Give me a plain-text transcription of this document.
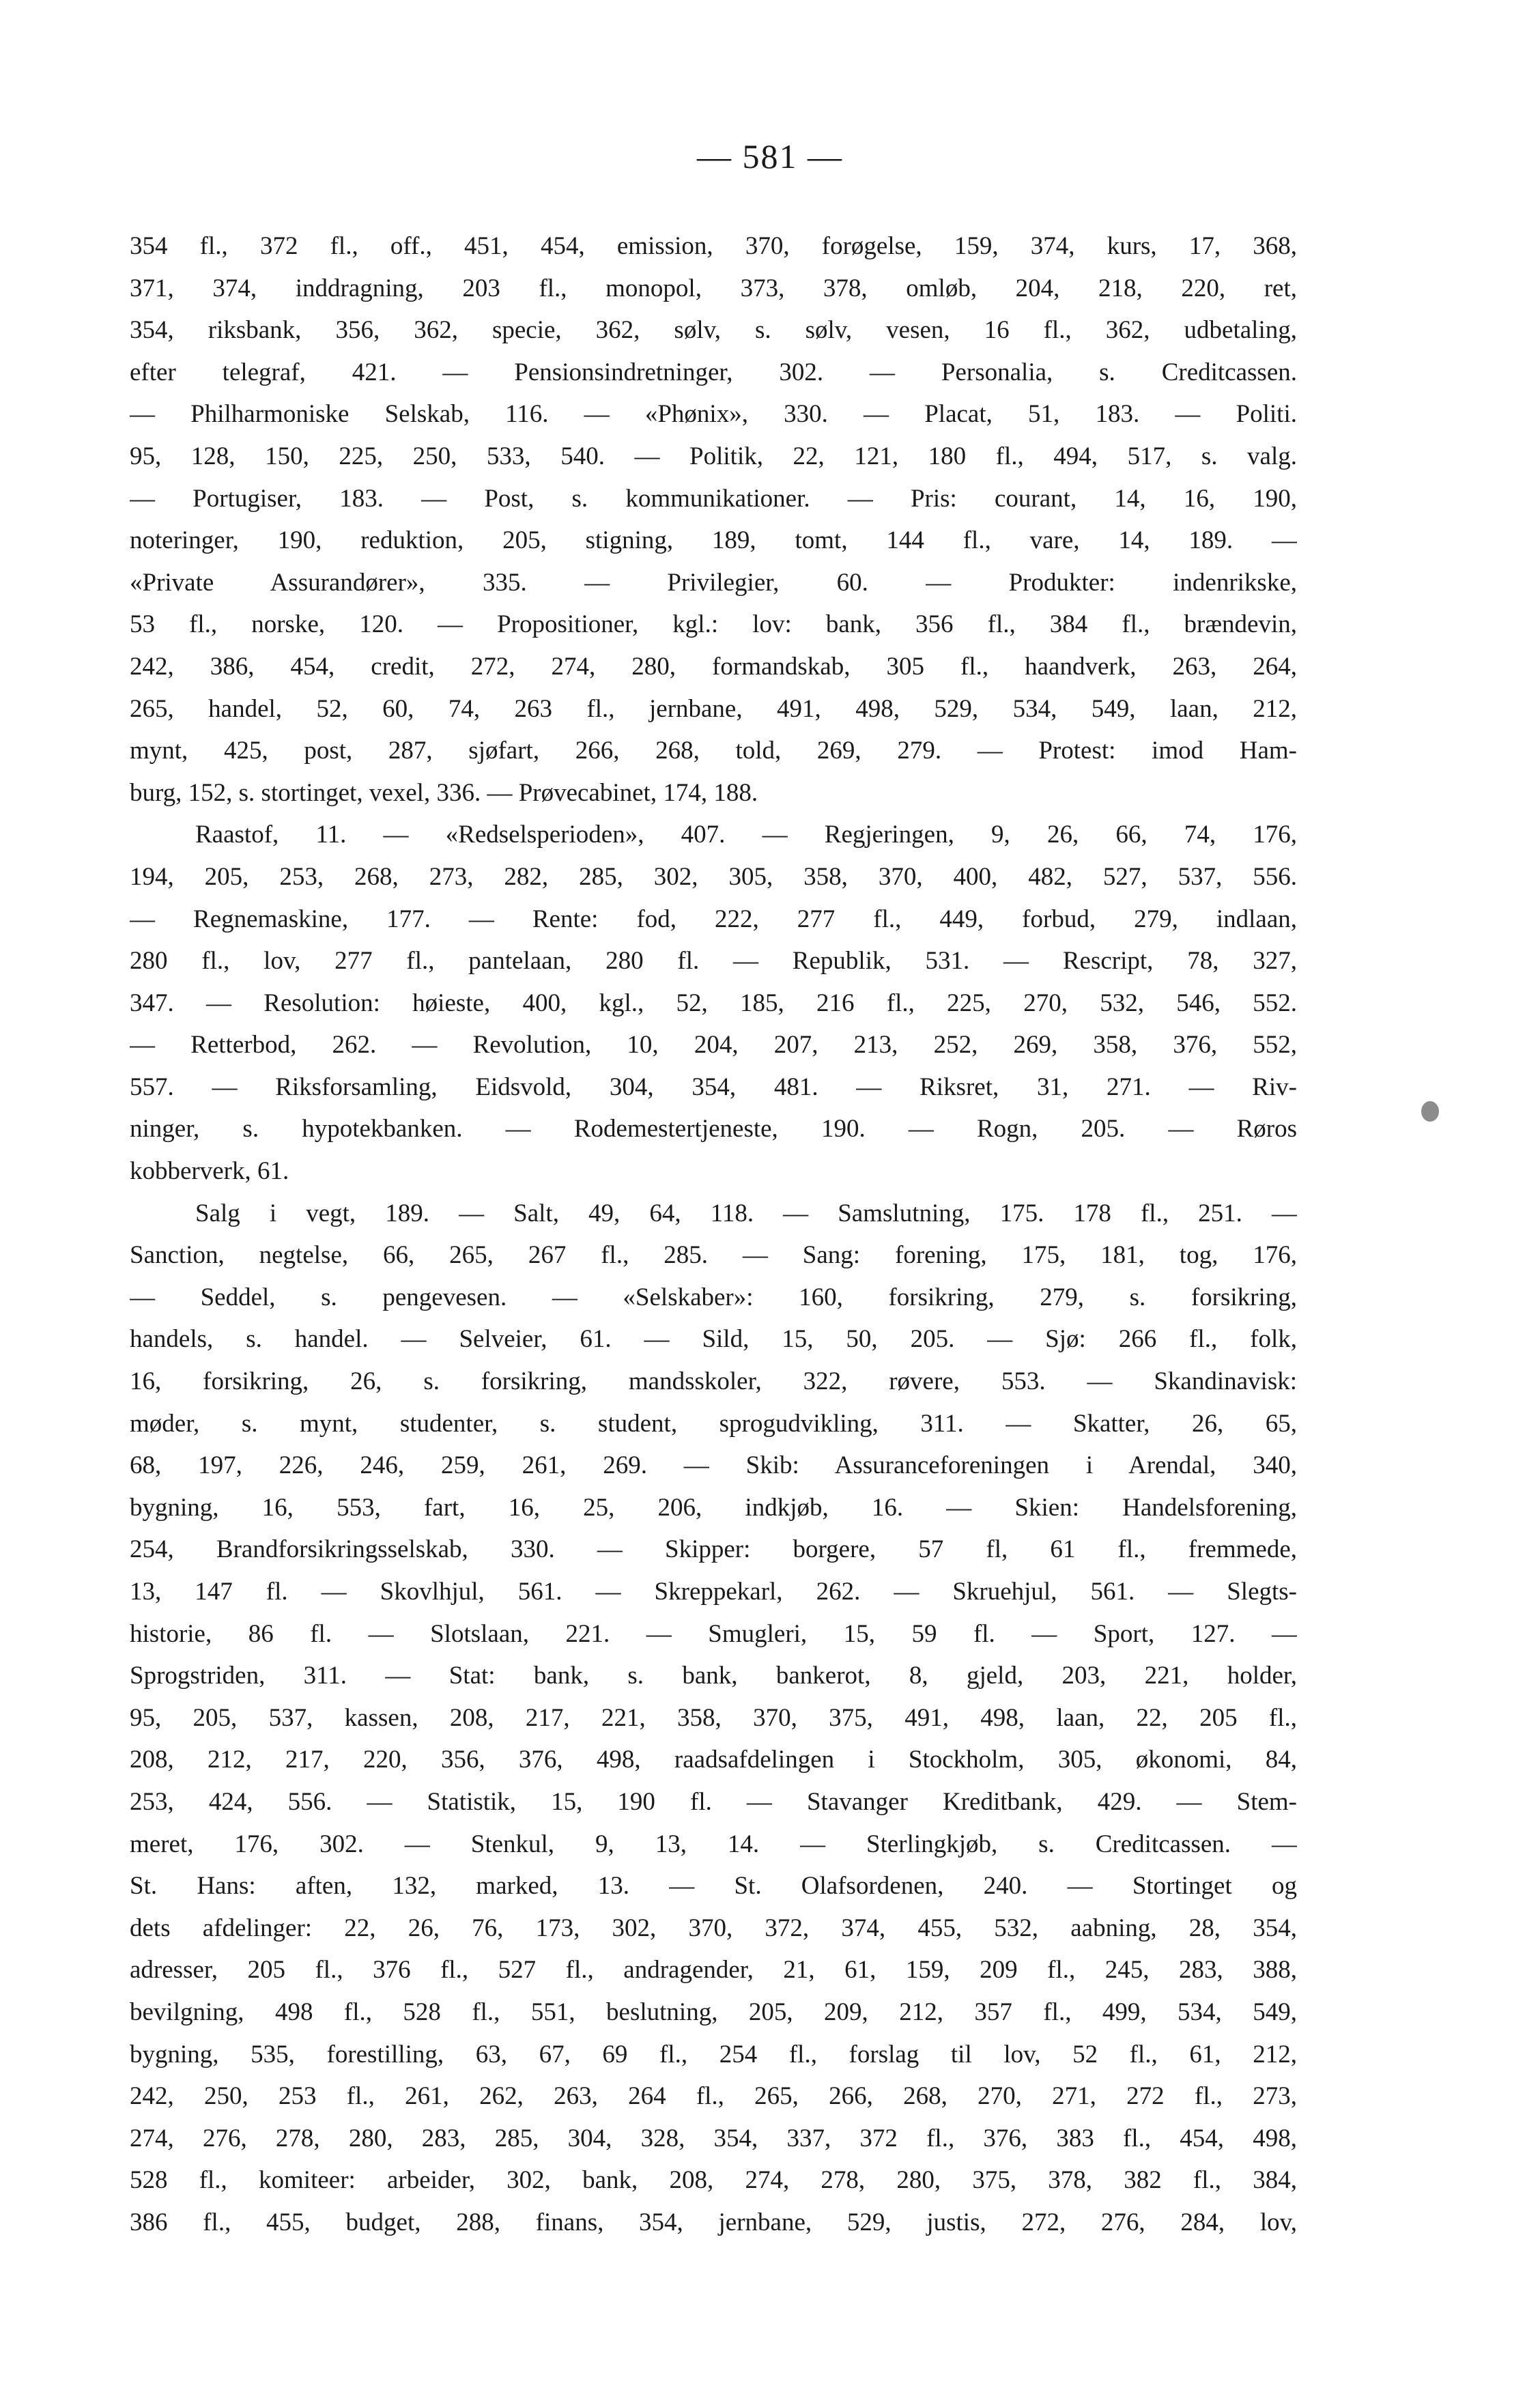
— 581 —
354 fl., 372 fl., off., 451, 454, emission, 370, forøgelse, 159, 374, kurs, 17, 368,
371, 374, inddragning, 203 fl., monopol, 373, 378, omløb, 204, 218, 220, ret,
354, riksbank, 356, 362, specie, 362, sølv, s. sølv, vesen, 16 fl., 362, udbetaling,
efter telegraf, 421. — Pensionsindretninger, 302. — Personalia, s. Creditcassen.
— Philharmoniske Selskab, 116. — «Phønix», 330. — Placat, 51, 183. — Politi.
95, 128, 150, 225, 250, 533, 540. — Politik, 22, 121, 180 fl., 494, 517, s. valg.
— Portugiser, 183. — Post, s. kommunikationer. — Pris: courant, 14, 16, 190,
noteringer, 190, reduktion, 205, stigning, 189, tomt, 144 fl., vare, 14, 189. —
«Private Assurandører», 335. — Privilegier, 60. — Produkter: indenrikske,
53 fl., norske, 120. — Propositioner, kgl.: lov: bank, 356 fl., 384 fl., brændevin,
242, 386, 454, credit, 272, 274, 280, formandskab, 305 fl., haandverk, 263, 264,
265, handel, 52, 60, 74, 263 fl., jernbane, 491, 498, 529, 534, 549, laan, 212,
mynt, 425, post, 287, sjøfart, 266, 268, told, 269, 279. — Protest: imod Ham-
burg, 152, s. stortinget, vexel, 336. — Prøvecabinet, 174, 188.
Raastof, 11. — «Redselsperioden», 407. — Regjeringen, 9, 26, 66, 74, 176,
194, 205, 253, 268, 273, 282, 285, 302, 305, 358, 370, 400, 482, 527, 537, 556.
— Regnemaskine, 177. — Rente: fod, 222, 277 fl., 449, forbud, 279, indlaan,
280 fl., lov, 277 fl., pantelaan, 280 fl. — Republik, 531. — Rescript, 78, 327,
347. — Resolution: høieste, 400, kgl., 52, 185, 216 fl., 225, 270, 532, 546, 552.
— Retterbod, 262. — Revolution, 10, 204, 207, 213, 252, 269, 358, 376, 552,
557. — Riksforsamling, Eidsvold, 304, 354, 481. — Riksret, 31, 271. — Riv-
ninger, s. hypotekbanken. — Rodemestertjeneste, 190. — Rogn, 205. — Røros
kobberverk, 61.
Salg i vegt, 189. — Salt, 49, 64, 118. — Samslutning, 175. 178 fl., 251. —
Sanction, negtelse, 66, 265, 267 fl., 285. — Sang: forening, 175, 181, tog, 176,
— Seddel, s. pengevesen. — «Selskaber»: 160, forsikring, 279, s. forsikring,
handels, s. handel. — Selveier, 61. — Sild, 15, 50, 205. — Sjø: 266 fl., folk,
16, forsikring, 26, s. forsikring, mandsskoler, 322, røvere, 553. — Skandinavisk:
møder, s. mynt, studenter, s. student, sprogudvikling, 311. — Skatter, 26, 65,
68, 197, 226, 246, 259, 261, 269. — Skib: Assuranceforeningen i Arendal, 340,
bygning, 16, 553, fart, 16, 25, 206, indkjøb, 16. — Skien: Handelsforening,
254, Brandforsikringsselskab, 330. — Skipper: borgere, 57 fl, 61 fl., fremmede,
13, 147 fl. — Skovlhjul, 561. — Skreppekarl, 262. — Skruehjul, 561. — Slegts-
historie, 86 fl. — Slotslaan, 221. — Smugleri, 15, 59 fl. — Sport, 127. —
Sprogstriden, 311. — Stat: bank, s. bank, bankerot, 8, gjeld, 203, 221, holder,
95, 205, 537, kassen, 208, 217, 221, 358, 370, 375, 491, 498, laan, 22, 205 fl.,
208, 212, 217, 220, 356, 376, 498, raadsafdelingen i Stockholm, 305, økonomi, 84,
253, 424, 556. — Statistik, 15, 190 fl. — Stavanger Kreditbank, 429. — Stem-
meret, 176, 302. — Stenkul, 9, 13, 14. — Sterlingkjøb, s. Creditcassen. —
St. Hans: aften, 132, marked, 13. — St. Olafsordenen, 240. — Stortinget og
dets afdelinger: 22, 26, 76, 173, 302, 370, 372, 374, 455, 532, aabning, 28, 354,
adresser, 205 fl., 376 fl., 527 fl., andragender, 21, 61, 159, 209 fl., 245, 283, 388,
bevilgning, 498 fl., 528 fl., 551, beslutning, 205, 209, 212, 357 fl., 499, 534, 549,
bygning, 535, forestilling, 63, 67, 69 fl., 254 fl., forslag til lov, 52 fl., 61, 212,
242, 250, 253 fl., 261, 262, 263, 264 fl., 265, 266, 268, 270, 271, 272 fl., 273,
274, 276, 278, 280, 283, 285, 304, 328, 354, 337, 372 fl., 376, 383 fl., 454, 498,
528 fl., komiteer: arbeider, 302, bank, 208, 274, 278, 280, 375, 378, 382 fl., 384,
386 fl., 455, budget, 288, finans, 354, jernbane, 529, justis, 272, 276, 284, lov,
